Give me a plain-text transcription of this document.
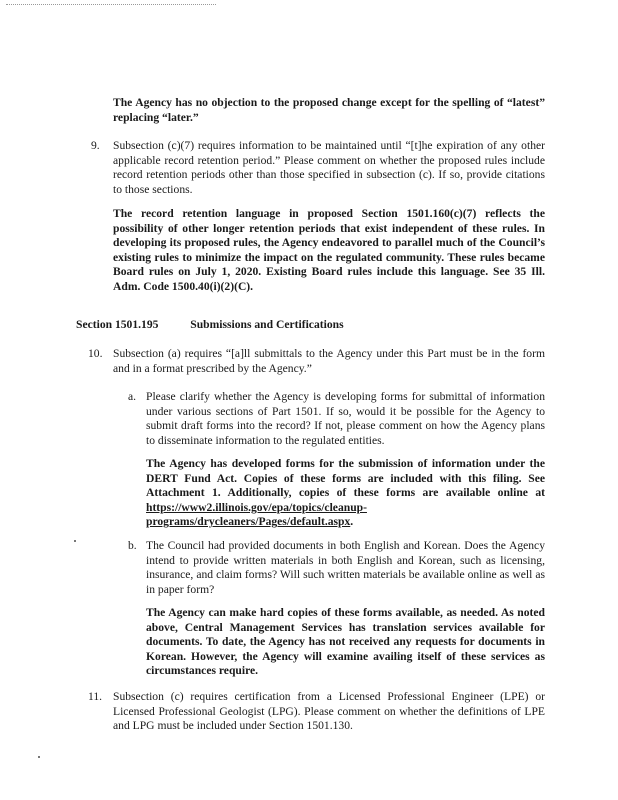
The Agency has no objection to the proposed change except for the spelling of “latest” replacing “later.”

9. Subsection (c)(7) requires information to be maintained until “[t]he expiration of any other applicable record retention period.” Please comment on whether the proposed rules include record retention periods other than those specified in subsection (c). If so, provide citations to those sections.

The record retention language in proposed Section 1501.160(c)(7) reflects the possibility of other longer retention periods that exist independent of these rules. In developing its proposed rules, the Agency endeavored to parallel much of the Council’s existing rules to minimize the impact on the regulated community. These rules became Board rules on July 1, 2020. Existing Board rules include this language. See 35 Ill. Adm. Code 1500.40(i)(2)(C).

Section 1501.195	Submissions and Certifications
10. Subsection (a) requires “[a]ll submittals to the Agency under this Part must be in the form and in a format prescribed by the Agency.”

a. Please clarify whether the Agency is developing forms for submittal of information under various sections of Part 1501. If so, would it be possible for the Agency to submit draft forms into the record? If not, please comment on how the Agency plans to disseminate information to the regulated entities.

The Agency has developed forms for the submission of information under the DERT Fund Act. Copies of these forms are included with this filing. See Attachment 1. Additionally, copies of these forms are available online at https://www2.illinois.gov/epa/topics/cleanup-programs/drycleaners/Pages/default.aspx.

b. The Council had provided documents in both English and Korean. Does the Agency intend to provide written materials in both English and Korean, such as licensing, insurance, and claim forms? Will such written materials be available online as well as in paper form?

The Agency can make hard copies of these forms available, as needed. As noted above, Central Management Services has translation services available for documents. To date, the Agency has not received any requests for documents in Korean. However, the Agency will examine availing itself of these services as circumstances require.

11. Subsection (c) requires certification from a Licensed Professional Engineer (LPE) or Licensed Professional Geologist (LPG). Please comment on whether the definitions of LPE and LPG must be included under Section 1501.130.
